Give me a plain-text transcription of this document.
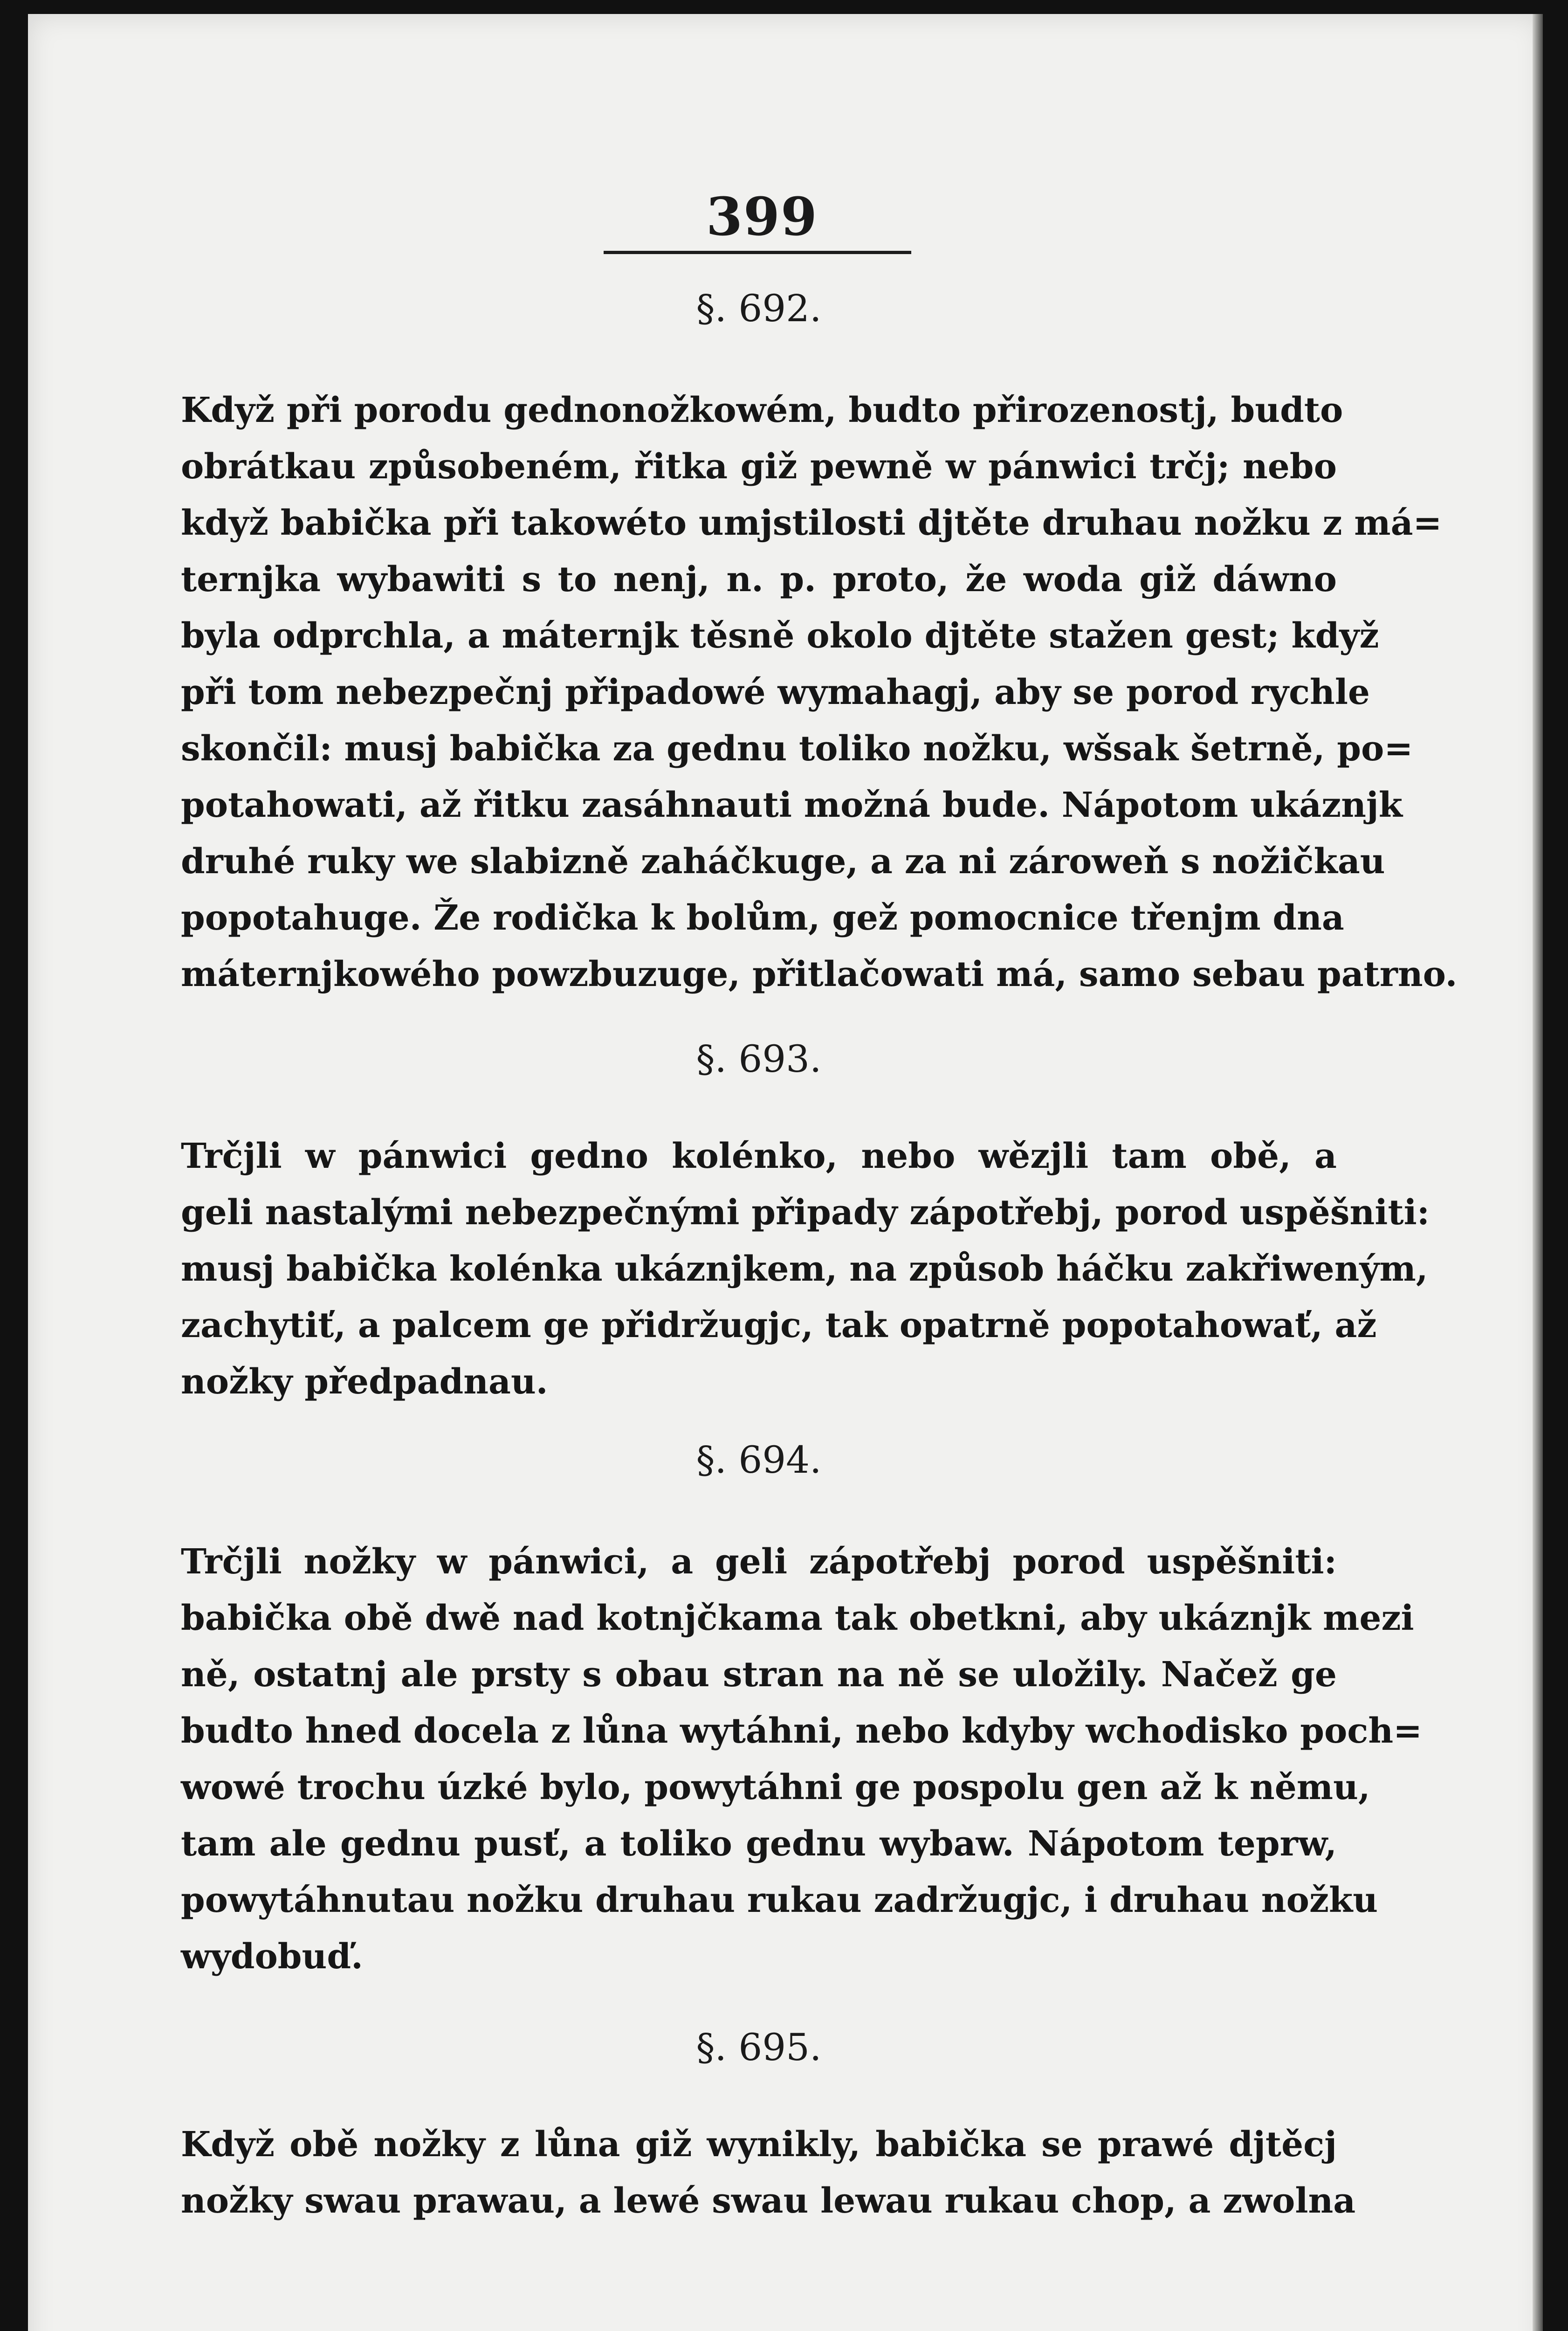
399
§. 692.
Když při porodu gednonožkowém, budto přirozenostj, budto
obrátkau způsobeném, řitka giž pewně w pánwici trčj; nebo
když babička při takowéto umjstilosti djtěte druhau nožku z má=
ternjka wybawiti s to nenj, n. p. proto, že woda giž dáwno
byla odprchla, a máternjk těsně okolo djtěte stažen gest; když
při tom nebezpečnj připadowé wymahagj, aby se porod rychle
skončil: musj babička za gednu toliko nožku, wšsak šetrně, po=
potahowati, až řitku zasáhnauti možná bude. Nápotom ukáznjk
druhé ruky we slabizně zaháčkuge, a za ni zároweň s nožičkau
popotahuge. Že rodička k bolům, gež pomocnice třenjm dna
máternjkowého powzbuzuge, přitlačowati má, samo sebau patrno.
§. 693.
Trčjli w pánwici gedno kolénko, nebo wězjli tam obě, a
geli nastalými nebezpečnými připady zápotřebj, porod uspěšniti:
musj babička kolénka ukáznjkem, na způsob háčku zakřiweným,
zachytiť, a palcem ge přidržugjc, tak opatrně popotahowať, až
nožky předpadnau.
§. 694.
Trčjli nožky w pánwici, a geli zápotřebj porod uspěšniti:
babička obě dwě nad kotnjčkama tak obetkni, aby ukáznjk mezi
ně, ostatnj ale prsty s obau stran na ně se uložily. Načež ge
budto hned docela z lůna wytáhni, nebo kdyby wchodisko poch=
wowé trochu úzké bylo, powytáhni ge pospolu gen až k němu,
tam ale gednu pusť, a toliko gednu wybaw. Nápotom teprw,
powytáhnutau nožku druhau rukau zadržugjc, i druhau nožku
wydobuď.
§. 695.
Když obě nožky z lůna giž wynikly, babička se prawé djtěcj
nožky swau prawau, a lewé swau lewau rukau chop, a zwolna
